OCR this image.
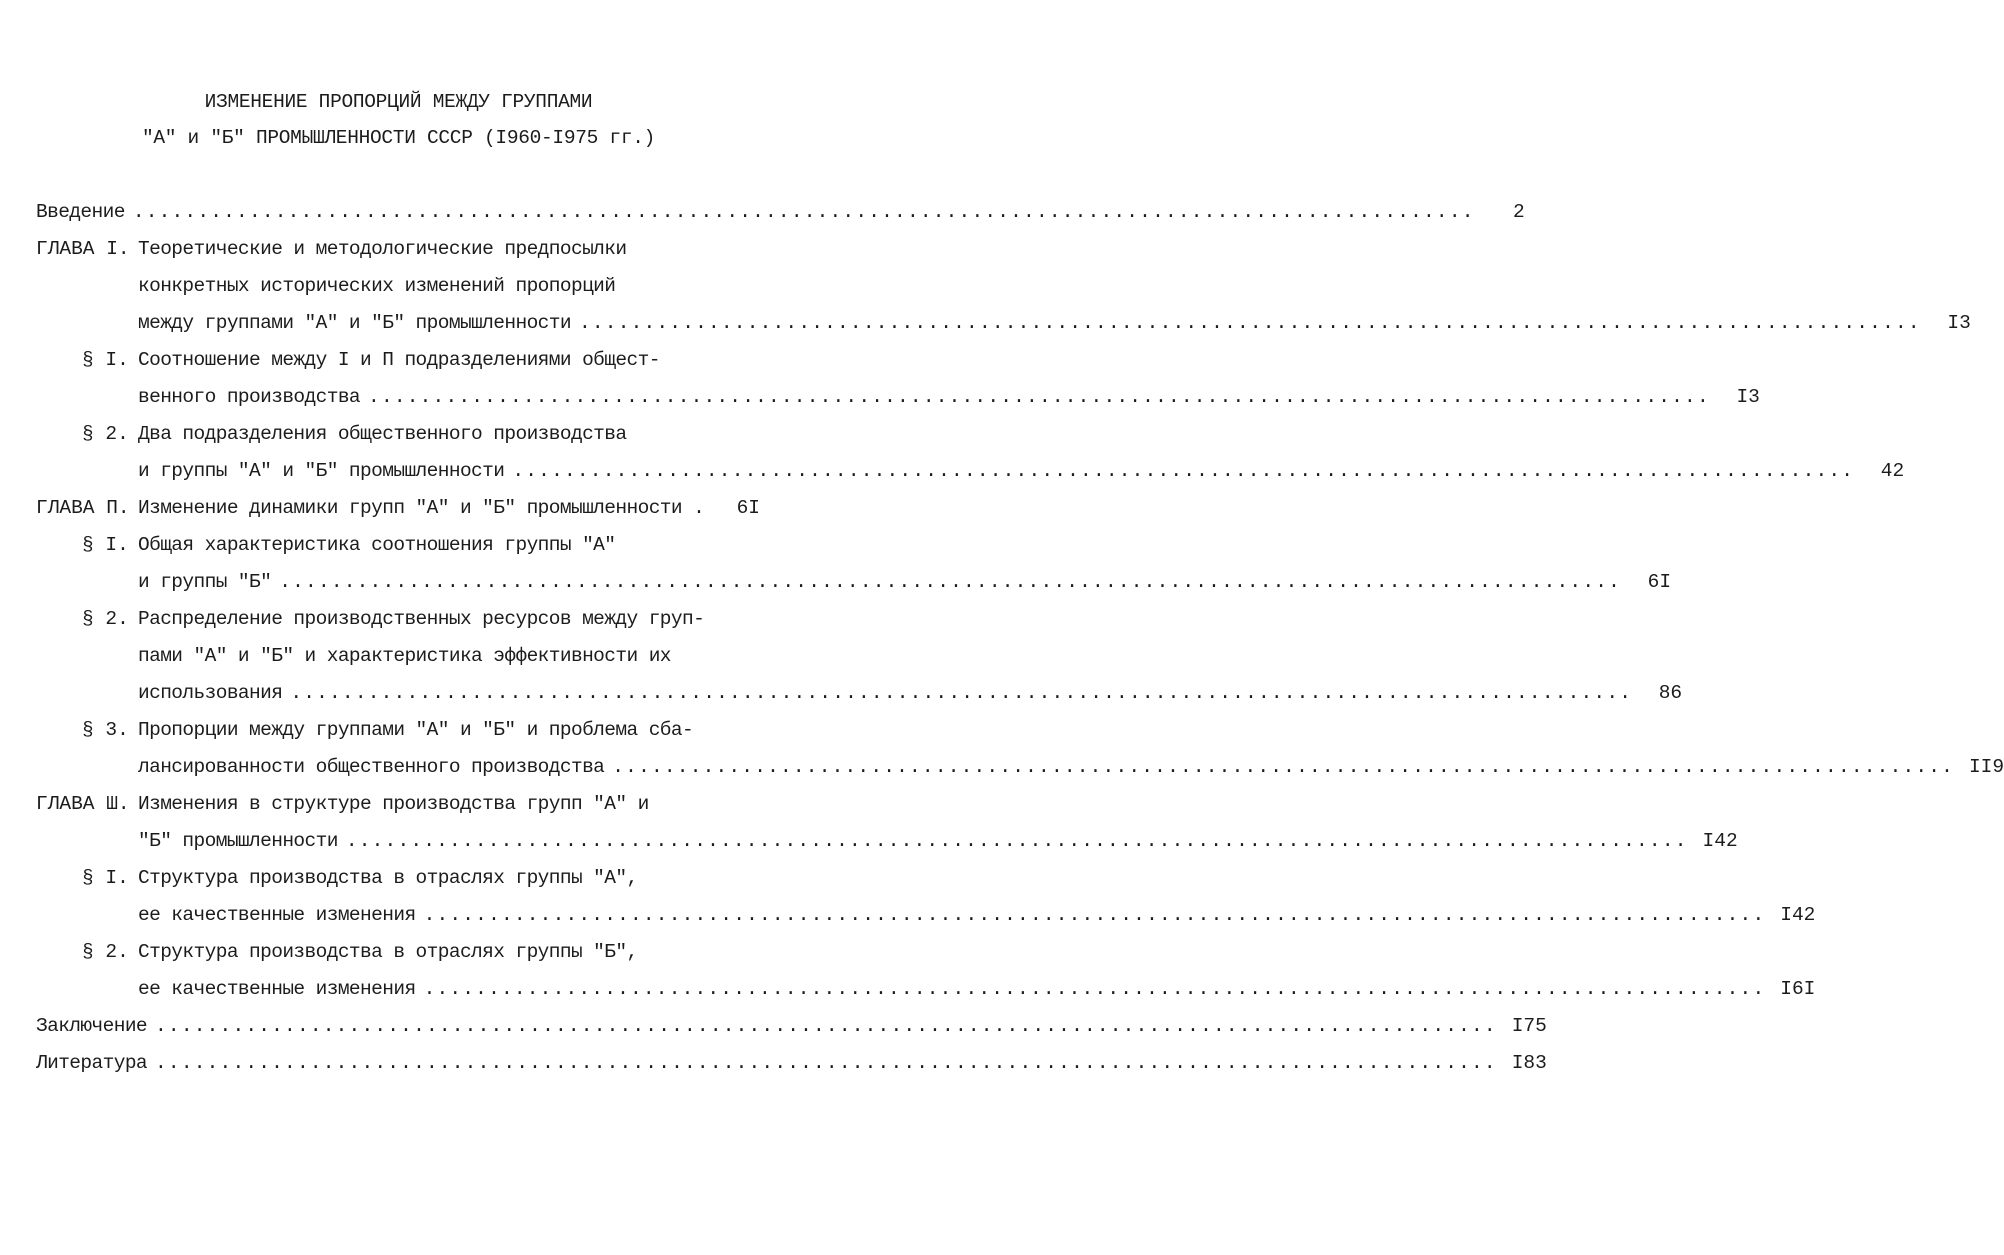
ИЗМЕНЕНИЕ ПРОПОРЦИЙ МЕЖДУ ГРУППАМИ
"А" и "Б" ПРОМЫШЛЕННОСТИ СССР (I960-I975 гг.)
Введение ........................................................................................................	2
ГЛАВА I. Теоретические и методологические предпосылки
конкретных исторических изменений пропорций
между группами "А" и "Б" промышленности ........................................................................................................	I3
§ I. Соотношение между I и П подразделениями общест-
венного производства ........................................................................................................	I3
§ 2. Два подразделения общественного производства
и группы "А" и "Б" промышленности ........................................................................................................	42
ГЛАВА П. Изменение динамики групп "А" и "Б" промышленности .	6I
§ I. Общая характеристика соотношения группы "А"
и группы "Б" ........................................................................................................	6I
§ 2. Распределение производственных ресурсов между груп-
пами "А" и "Б" и характеристика эффективности их
использования ........................................................................................................	86
§ 3. Пропорции между группами "А" и "Б" и проблема сба-
лансированности общественного производства ........................................................................................................ II9
ГЛАВА Ш. Изменения в структуре производства групп "А" и
"Б" промышленности ........................................................................................................ I42
§ I. Структура производства в отраслях группы "А",
ее качественные изменения ........................................................................................................ I42
§ 2. Структура производства в отраслях группы "Б",
ее качественные изменения ........................................................................................................ I6I
Заключение ........................................................................................................ I75
Литература ........................................................................................................ I83
